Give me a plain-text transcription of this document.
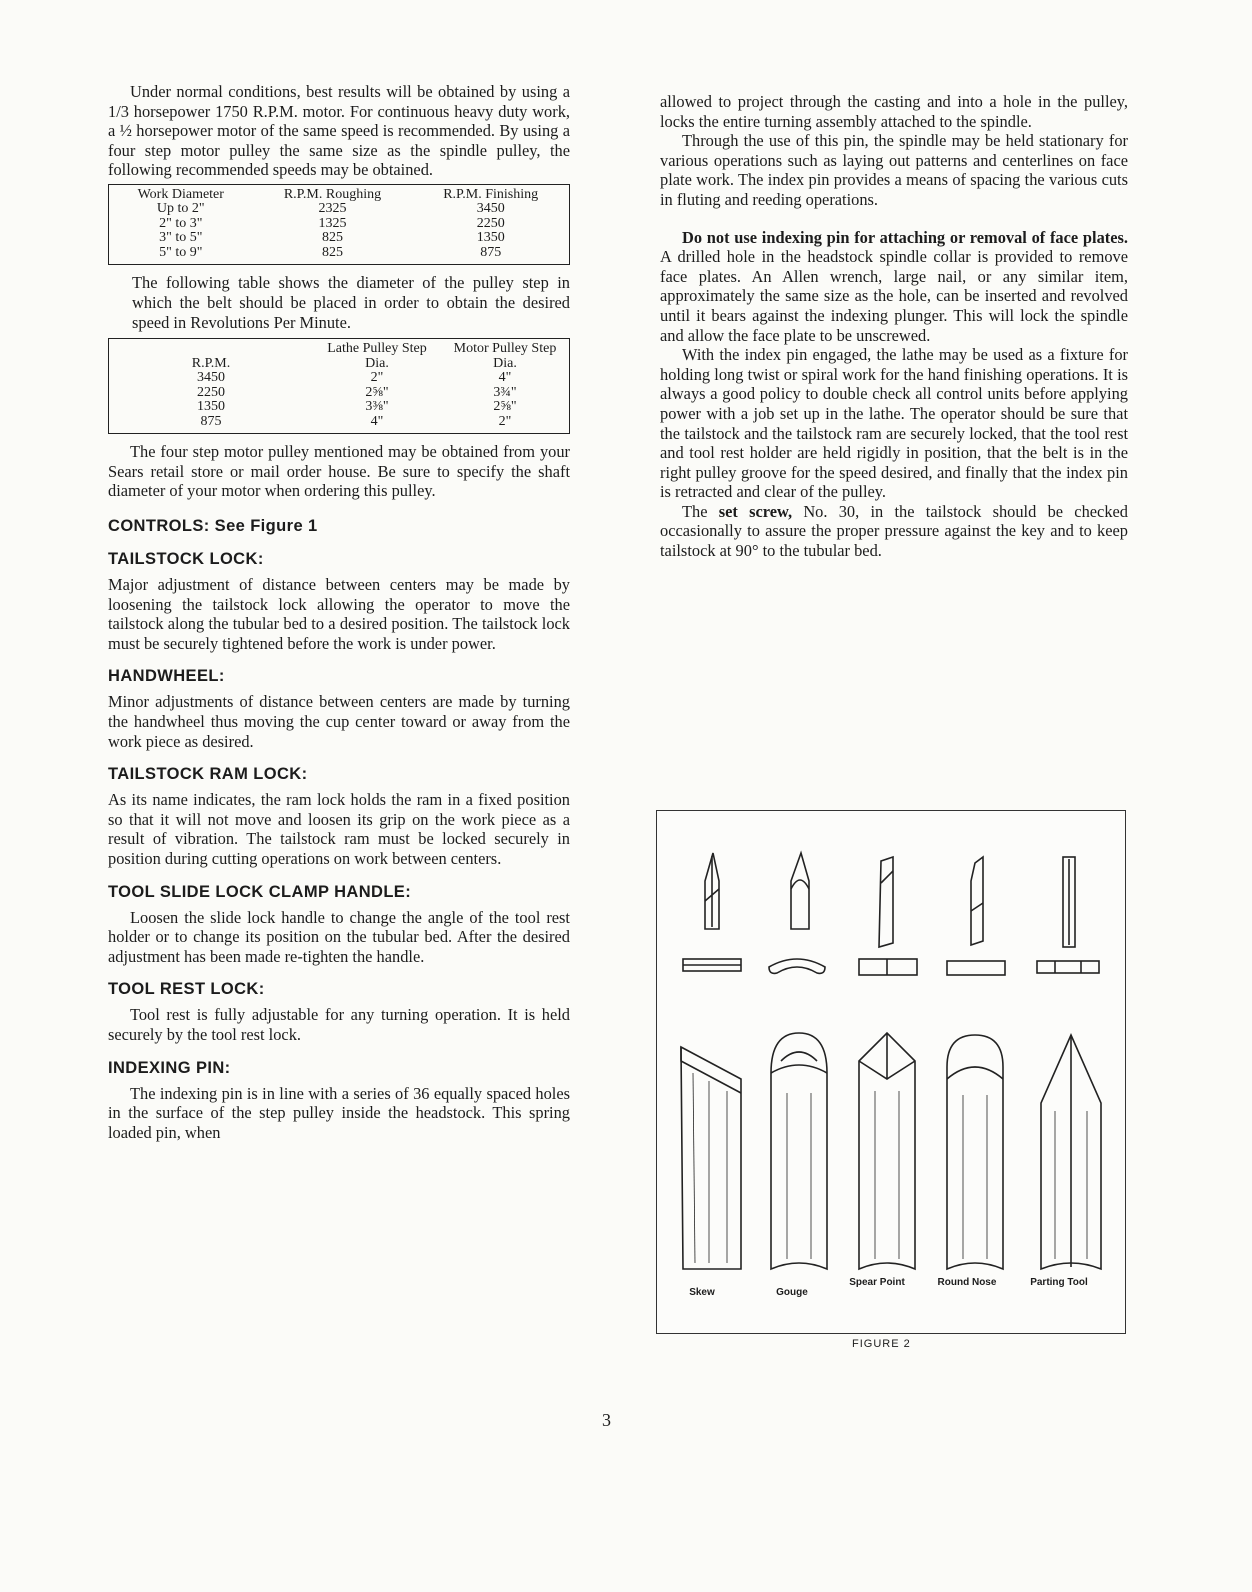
Under normal conditions, best results will be obtained by using a 1/3 horsepower 1750 R.P.M. motor. For continuous heavy duty work, a ½ horsepower motor of the same speed is recommended. By using a four step motor pulley the same size as the spindle pulley, the following recommended speeds may be obtained.

Work Diameter	R.P.M. Roughing	R.P.M. Finishing
Up to 2"	2325	3450
2" to 3"	1325	2250
3" to 5"	825	1350
5" to 9"	825	875

The following table shows the diameter of the pulley step in which the belt should be placed in order to obtain the desired speed in Revolutions Per Minute.

R.P.M.	Lathe Pulley Step Dia.	Motor Pulley Step Dia.
3450	2"	4"
2250	2⅝"	3¾"
1350	3⅜"	2⅝"
875	4"	2"

The four step motor pulley mentioned may be obtained from your Sears retail store or mail order house. Be sure to specify the shaft diameter of your motor when ordering this pulley.

CONTROLS: See Figure 1
TAILSTOCK LOCK:

Major adjustment of distance between centers may be made by loosening the tailstock lock allowing the operator to move the tailstock along the tubular bed to a desired position. The tailstock lock must be securely tightened before the work is under power.

HANDWHEEL:

Minor adjustments of distance between centers are made by turning the handwheel thus moving the cup center toward or away from the work piece as desired.

TAILSTOCK RAM LOCK:

As its name indicates, the ram lock holds the ram in a fixed position so that it will not move and loosen its grip on the work piece as a result of vibration. The tailstock ram must be locked securely in position during cutting operations on work between centers.

TOOL SLIDE LOCK CLAMP HANDLE:

Loosen the slide lock handle to change the angle of the tool rest holder or to change its position on the tubular bed. After the desired adjustment has been made re-tighten the handle.

TOOL REST LOCK:

Tool rest is fully adjustable for any turning operation. It is held securely by the tool rest lock.

INDEXING PIN:

The indexing pin is in line with a series of 36 equally spaced holes in the surface of the step pulley inside the headstock. This spring loaded pin, when

allowed to project through the casting and into a hole in the pulley, locks the entire turning assembly attached to the spindle.

Through the use of this pin, the spindle may be held stationary for various operations such as laying out patterns and centerlines on face plate work. The index pin provides a means of spacing the various cuts in fluting and reeding operations.

Do not use indexing pin for attaching or removal of face plates. A drilled hole in the headstock spindle collar is provided to remove face plates. An Allen wrench, large nail, or any similar item, approximately the same size as the hole, can be inserted and revolved until it bears against the indexing plunger. This will lock the spindle and allow the face plate to be unscrewed.

With the index pin engaged, the lathe may be used as a fixture for holding long twist or spiral work for the hand finishing operations. It is always a good policy to double check all control units before applying power with a job set up in the lathe. The operator should be sure that the tailstock and the tailstock ram are securely locked, that the tool rest and tool rest holder are held rigidly in position, that the belt is in the right pulley groove for the speed desired, and finally that the index pin is retracted and clear of the pulley.

The set screw, No. 30, in the tailstock should be checked occasionally to assure the proper pressure against the key and to keep tailstock at 90° to the tubular bed.

Skew	Gouge
Spear Point	Round Nose	Parting Tool
FIGURE 2
3
